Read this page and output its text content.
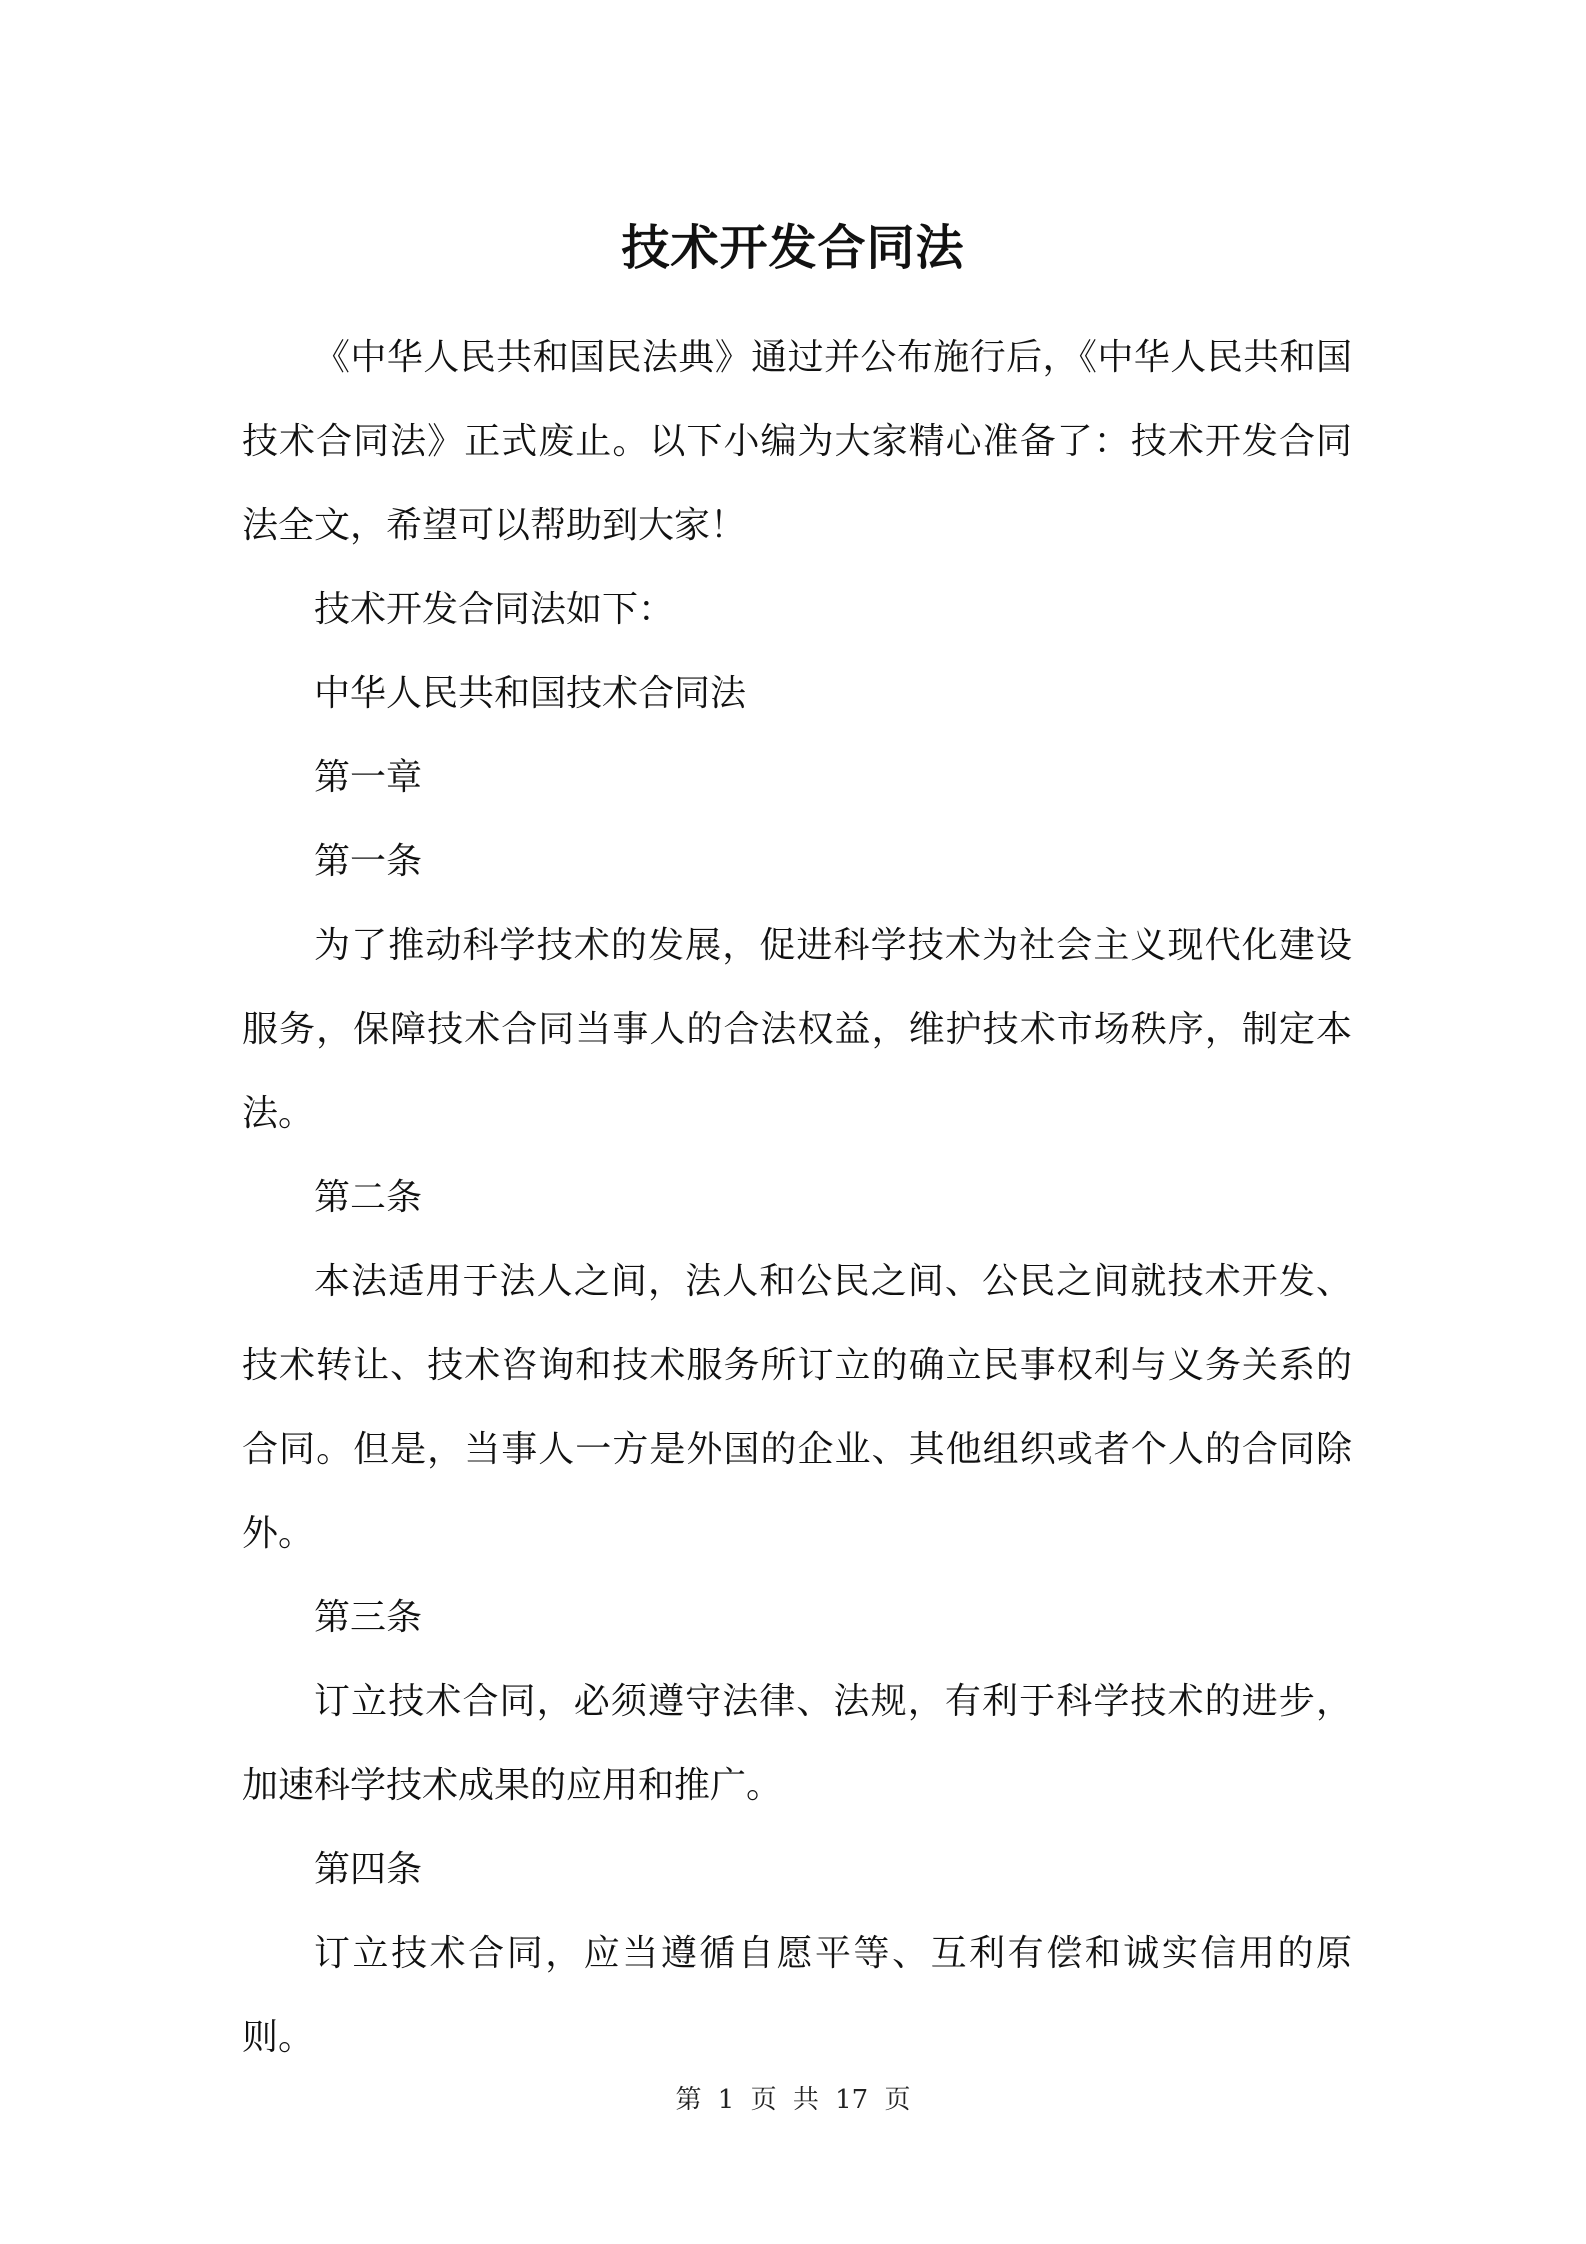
技术开发合同法

《中华人民共和国民法典》通过并公布施行后，《中华人民共和国技术合同法》正式废止。以下小编为大家精心准备了：技术开发合同法全文，希望可以帮助到大家！

技术开发合同法如下：

中华人民共和国技术合同法

第一章

第一条

为了推动科学技术的发展，促进科学技术为社会主义现代化建设服务，保障技术合同当事人的合法权益，维护技术市场秩序，制定本法。

第二条

本法适用于法人之间，法人和公民之间、公民之间就技术开发、技术转让、技术咨询和技术服务所订立的确立民事权利与义务关系的合同。但是，当事人一方是外国的企业、其他组织或者个人的合同除外。

第三条

订立技术合同，必须遵守法律、法规，有利于科学技术的进步，加速科学技术成果的应用和推广。

第四条

订立技术合同，应当遵循自愿平等、互利有偿和诚实信用的原则。

第 1 页 共 17 页
